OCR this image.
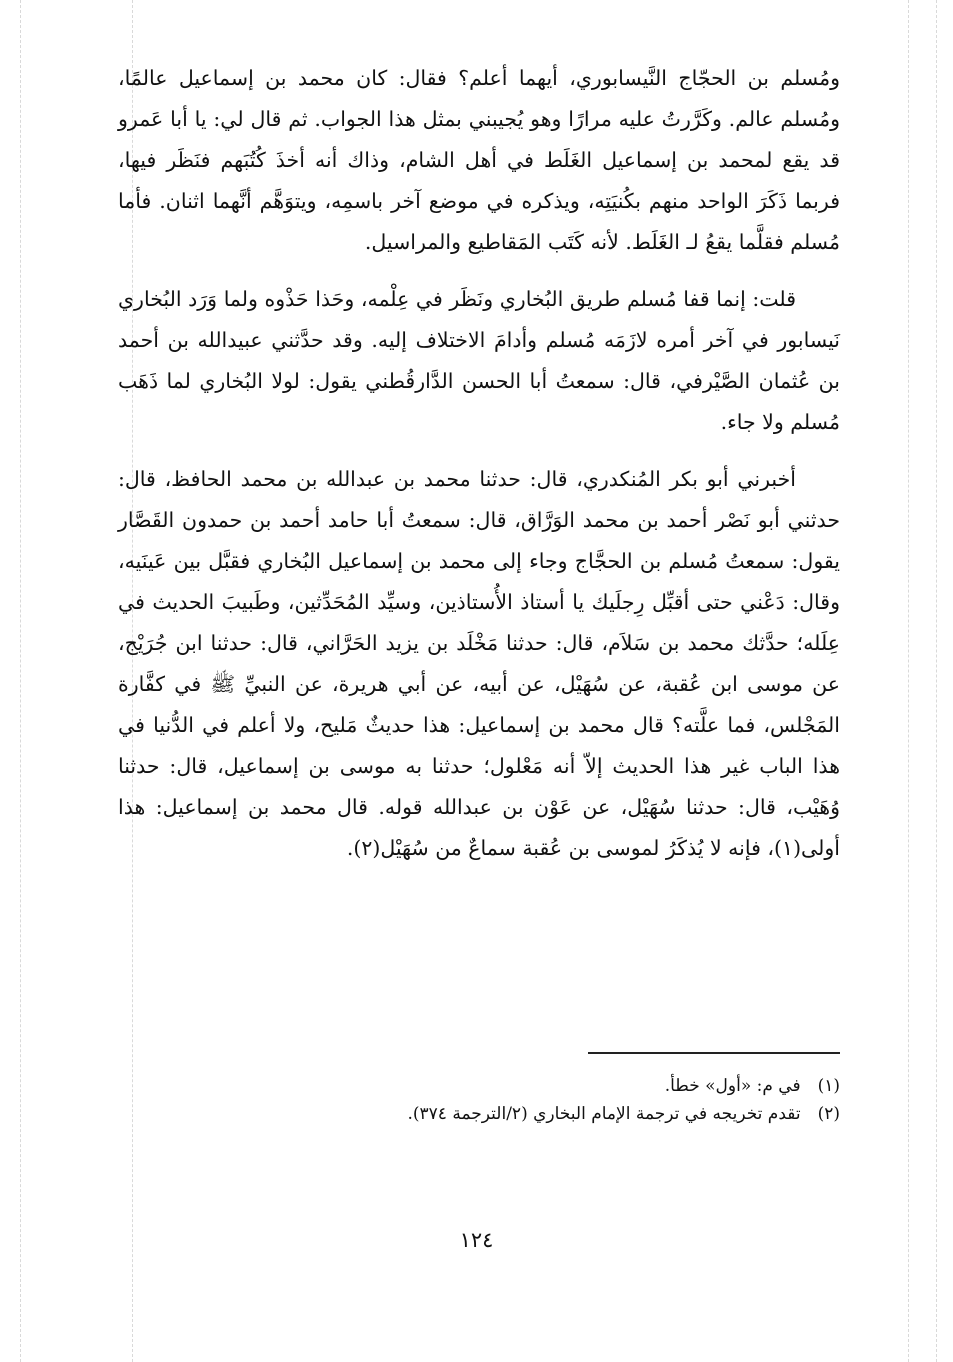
ومُسلم بن الحجّاج النَّيسابوري، أيهما أعلم؟ فقال: كان محمد بن إسماعيل عالمًا، ومُسلم عالم. وكَرَّرتُ عليه مرارًا وهو يُجيبني بمثل هذا الجواب. ثم قال لي: يا أبا عَمرو قد يقع لمحمد بن إسماعيل الغَلَط في أهل الشام، وذاك أنه أخذَ كُتُبَهم فنَظَر فيها، فربما ذَكَرَ الواحد منهم بكُنيَتِه، ويذكره في موضع آخر باسمِه، ويتوَهَّم أنَّهما اثنان. فأما مُسلم فقلَّما يقعُ لـ الغَلَط. لأنه كَتَب المَقاطيع والمراسيل.

قلت: إنما قفا مُسلم طريق البُخاري ونَظَر في عِلْمه، وحَذا حَذْوه ولما وَرَد البُخاري نَيسابور في آخر أمره لازَمَه مُسلم وأدامَ الاختلاف إليه. وقد حدَّثني عبيدالله بن أحمد بن عُثمان الصَّيْرفي، قال: سمعتُ أبا الحسن الدَّارقُطني يقول: لولا البُخاري لما ذَهَب مُسلم ولا جاء.

أخبرني أبو بكر المُنكدري، قال: حدثنا محمد بن عبدالله بن محمد الحافظ، قال: حدثني أبو نَصْر أحمد بن محمد الوَرَّاق، قال: سمعتُ أبا حامد أحمد بن حمدون القَصَّار يقول: سمعتُ مُسلم بن الحجَّاج وجاء إلى محمد بن إسماعيل البُخاري فقبَّل بين عَينَيه، وقال: دَعْني حتى أقبِّل رِجلَيك يا أستاذ الأُستاذين، وسيِّد المُحَدِّثين، وطَبيبَ الحديث في عِلَله؛ حدَّثك محمد بن سَلاَم، قال: حدثنا مَخْلَد بن يزيد الحَرَّاني، قال: حدثنا ابن جُرَيْج، عن موسى ابن عُقبة، عن سُهَيْل، عن أبيه، عن أبي هريرة، عن النبيِّ ﷺ في كفَّارة المَجْلس، فما علَّته؟ قال محمد بن إسماعيل: هذا حديثٌ مَليح، ولا أعلم في الدُّنيا في هذا الباب غير هذا الحديث إلاّ أنه مَعْلول؛ حدثنا به موسى بن إسماعيل، قال: حدثنا وُهَيْب، قال: حدثنا سُهَيْل، عن عَوْن بن عبدالله قوله. قال محمد بن إسماعيل: هذا أولى(١)، فإنه لا يُذكَرُ لموسى بن عُقبة سماعٌ من سُهَيْل(٢).

(١) في م: «أول» خطأ.

(٢) تقدم تخريجه في ترجمة الإمام البخاري (٢/الترجمة ٣٧٤).

١٢٤
